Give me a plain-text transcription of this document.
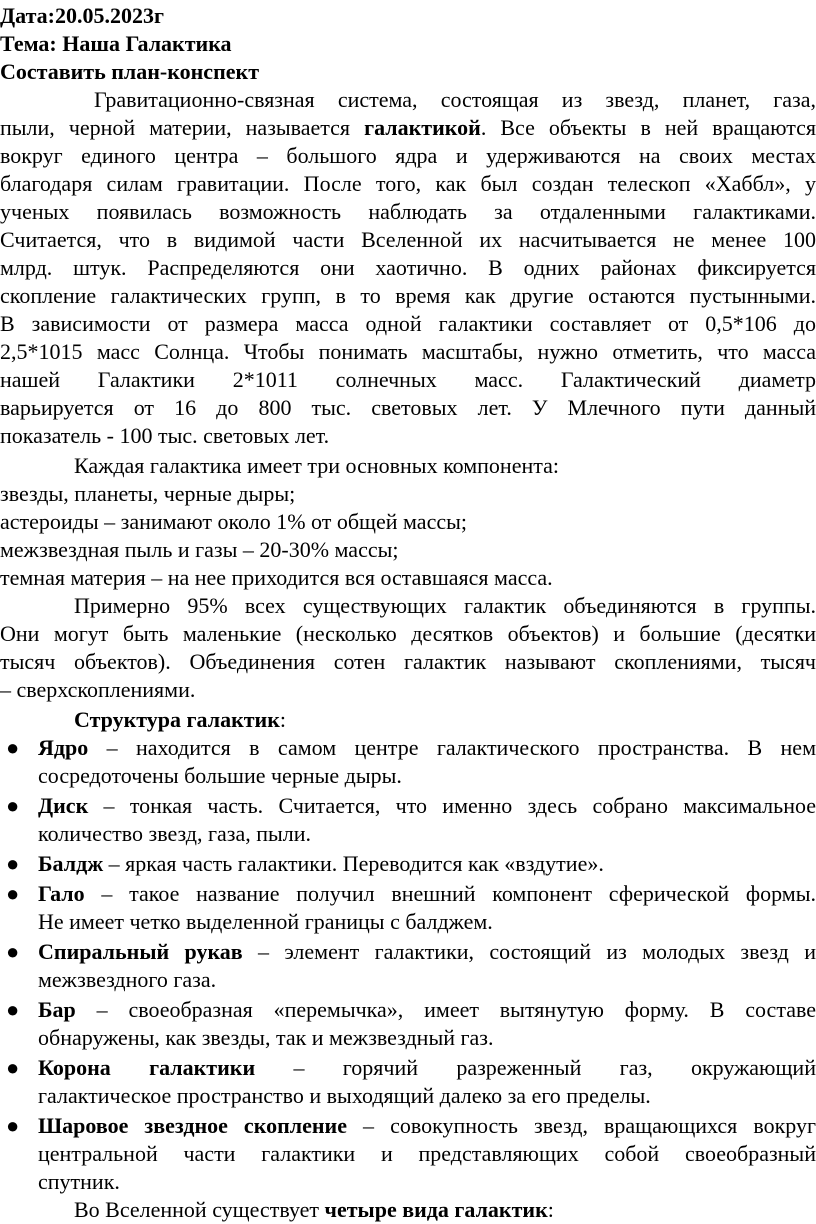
Дата:20.05.2023г

Тема: Наша Галактика

Составить план-конспект

Гравитационно-связная система, состоящая из звезд, планет, газа,

пыли, черной материи, называется галактикой. Все объекты в ней вращаются

вокруг единого центра – большого ядра и удерживаются на своих местах

благодаря силам гравитации. После того, как был создан телескоп «Хаббл», у

ученых появилась возможность наблюдать за отдаленными галактиками.

Считается, что в видимой части Вселенной их насчитывается не менее 100

млрд. штук. Распределяются они хаотично. В одних районах фиксируется

скопление галактических групп, в то время как другие остаются пустынными.

В зависимости от размера масса одной галактики составляет от 0,5*106 до

2,5*1015 масс Солнца. Чтобы понимать масштабы, нужно отметить, что масса

нашей Галактики 2*1011 солнечных масс. Галактический диаметр

варьируется от 16 до 800 тыс. световых лет. У Млечного пути данный

показатель - 100 тыс. световых лет.

Каждая галактика имеет три основных компонента:

звезды, планеты, черные дыры;

астероиды – занимают около 1% от общей массы;

межзвездная пыль и газы – 20-30% массы;

темная материя – на нее приходится вся оставшаяся масса.

Примерно 95% всех существующих галактик объединяются в группы.

Они могут быть маленькие (несколько десятков объектов) и большие (десятки

тысяч объектов). Объединения сотен галактик называют скоплениями, тысяч

– сверхскоплениями.

Структура галактик:

● Ядро – находится в самом центре галактического пространства. В нем

сосредоточены большие черные дыры.

● Диск – тонкая часть. Считается, что именно здесь собрано максимальное

количество звезд, газа, пыли.

● Балдж – яркая часть галактики. Переводится как «вздутие».

● Гало – такое название получил внешний компонент сферической формы.

Не имеет четко выделенной границы с балджем.

● Спиральный рукав – элемент галактики, состоящий из молодых звезд и

межзвездного газа.

● Бар – своеобразная «перемычка», имеет вытянутую форму. В составе

обнаружены, как звезды, так и межзвездный газ.

● Корона галактики – горячий разреженный газ, окружающий

галактическое пространство и выходящий далеко за его пределы.

● Шаровое звездное скопление – совокупность звезд, вращающихся вокруг

центральной части галактики и представляющих собой своеобразный

спутник.

Во Вселенной существует четыре вида галактик:
